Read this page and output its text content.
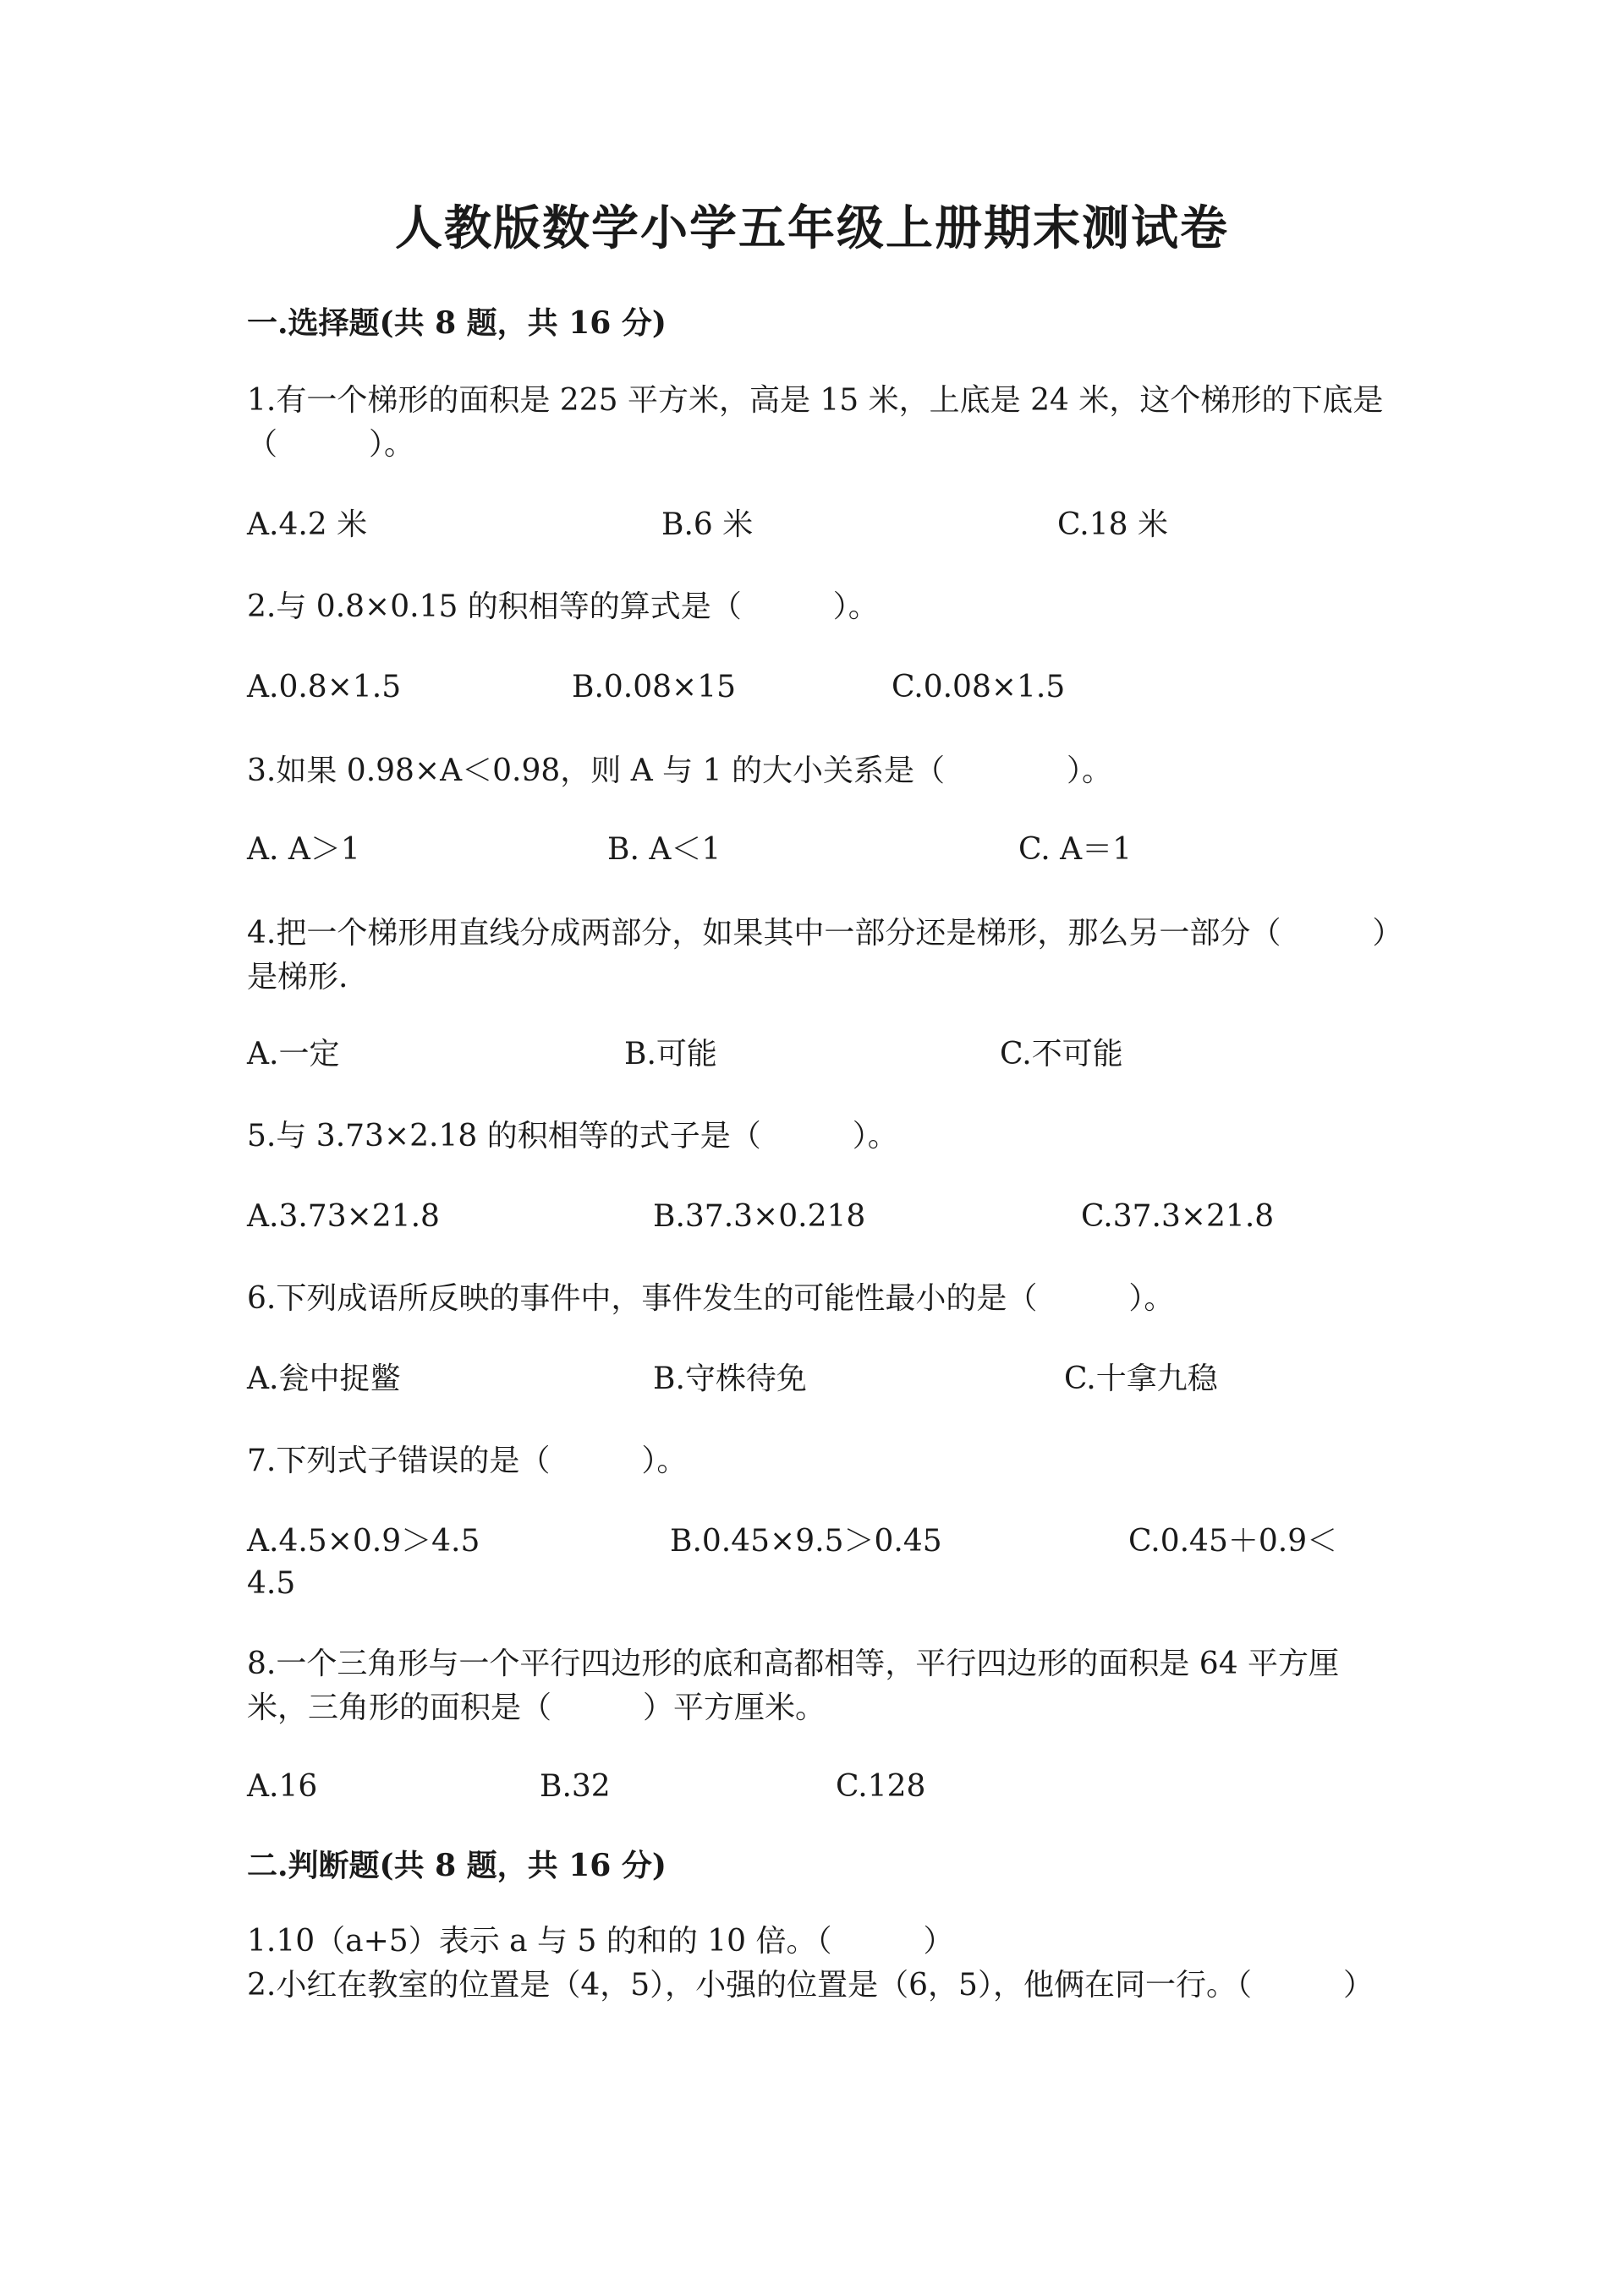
人教版数学小学五年级上册期末测试卷
一.选择题(共 8 题，共 16 分)
1.有一个梯形的面积是 225 平方米，高是 15 米，上底是 24 米，这个梯形的下底是（　　　）。
A.4.2 米	B.6 米	C.18 米
2.与 0.8×0.15 的积相等的算式是（　　　）。
A.0.8×1.5	B.0.08×15	C.0.08×1.5
3.如果 0.98×A＜0.98，则 A 与 1 的大小关系是（　　　　）。
A. A＞1	B. A＜1	C. A＝1
4.把一个梯形用直线分成两部分，如果其中一部分还是梯形，那么另一部分（　　　）是梯形.
A.一定	B.可能	C.不可能
5.与 3.73×2.18 的积相等的式子是（　　　）。
A.3.73×21.8	B.37.3×0.218	C.37.3×21.8
6.下列成语所反映的事件中，事件发生的可能性最小的是（　　　）。
A.瓮中捉鳖	B.守株待免	C.十拿九稳
7.下列式子错误的是（　　　）。
A.4.5×0.9＞4.5	B.0.45×9.5＞0.45	C.0.45＋0.9＜
4.5
8.一个三角形与一个平行四边形的底和高都相等，平行四边形的面积是 64 平方厘米，三角形的面积是（　　　）平方厘米。
A.16	B.32	C.128
二.判断题(共 8 题，共 16 分)
1.10（a+5）表示 a 与 5 的和的 10 倍。（　　　）
2.小红在教室的位置是（4，5），小强的位置是（6，5），他俩在同一行。（　　　）
